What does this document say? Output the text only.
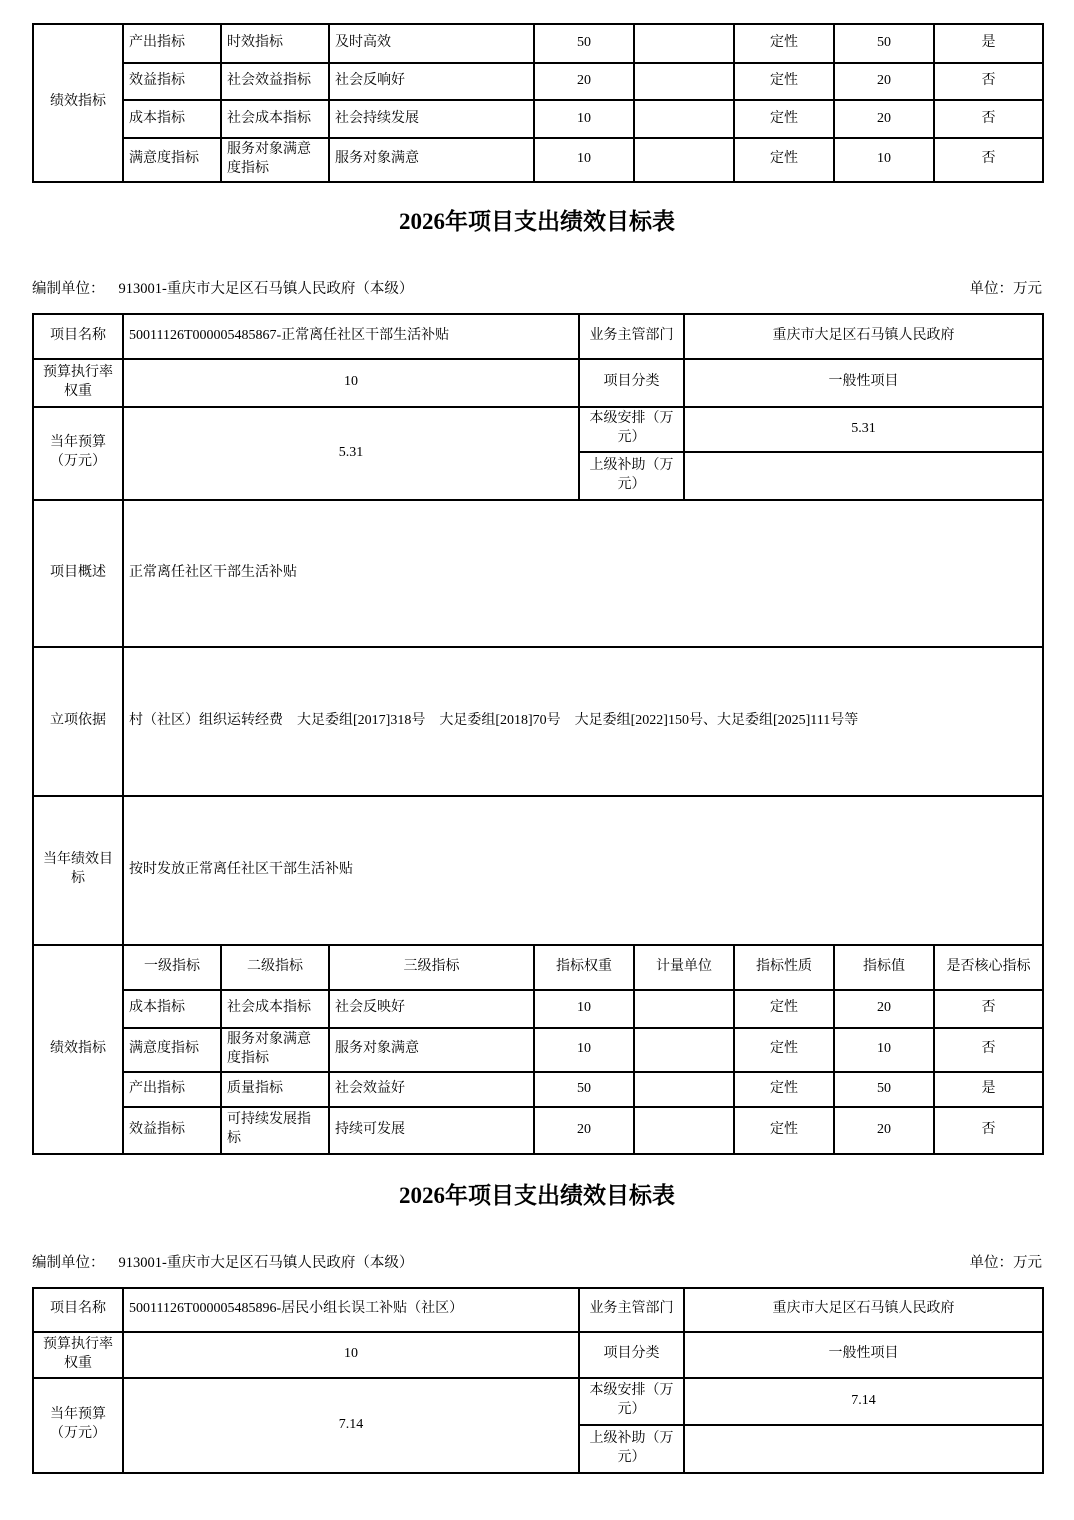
绩效指标	产出指标	时效指标	及时高效	50		定性	50	是
	效益指标	社会效益指标	社会反响好	20		定性	20	否
	成本指标	社会成本指标	社会持续发展	10		定性	20	否
	满意度指标	服务对象满意度指标	服务对象满意	10		定性	10	否
2026年项目支出绩效目标表
编制单位： 913001-重庆市大足区石马镇人民政府（本级）	单位：万元
项目名称	50011126T000005485867-正常离任社区干部生活补贴	业务主管部门	重庆市大足区石马镇人民政府
预算执行率权重	10	项目分类	一般性项目
当年预算（万元）	5.31	本级安排（万元）	5.31
		上级补助（万元）	
项目概述	正常离任社区干部生活补贴		
立项依据	村（社区）组织运转经费　大足委组[2017]318号　大足委组[2018]70号　大足委组[2022]150号、大足委组[2025]111号等		
当年绩效目标	按时发放正常离任社区干部生活补贴		
绩效指标	一级指标	二级指标	三级指标	指标权重	计量单位	指标性质	指标值	是否核心指标
	成本指标	社会成本指标	社会反映好	10		定性	20	否
	满意度指标	服务对象满意度指标	服务对象满意	10		定性	10	否
	产出指标	质量指标	社会效益好	50		定性	50	是
	效益指标	可持续发展指标	持续可发展	20		定性	20	否
2026年项目支出绩效目标表
编制单位： 913001-重庆市大足区石马镇人民政府（本级）	单位：万元
项目名称	50011126T000005485896-居民小组长误工补贴（社区）	业务主管部门	重庆市大足区石马镇人民政府
预算执行率权重	10	项目分类	一般性项目
当年预算（万元）	7.14	本级安排（万元）	7.14
		上级补助（万元）	
